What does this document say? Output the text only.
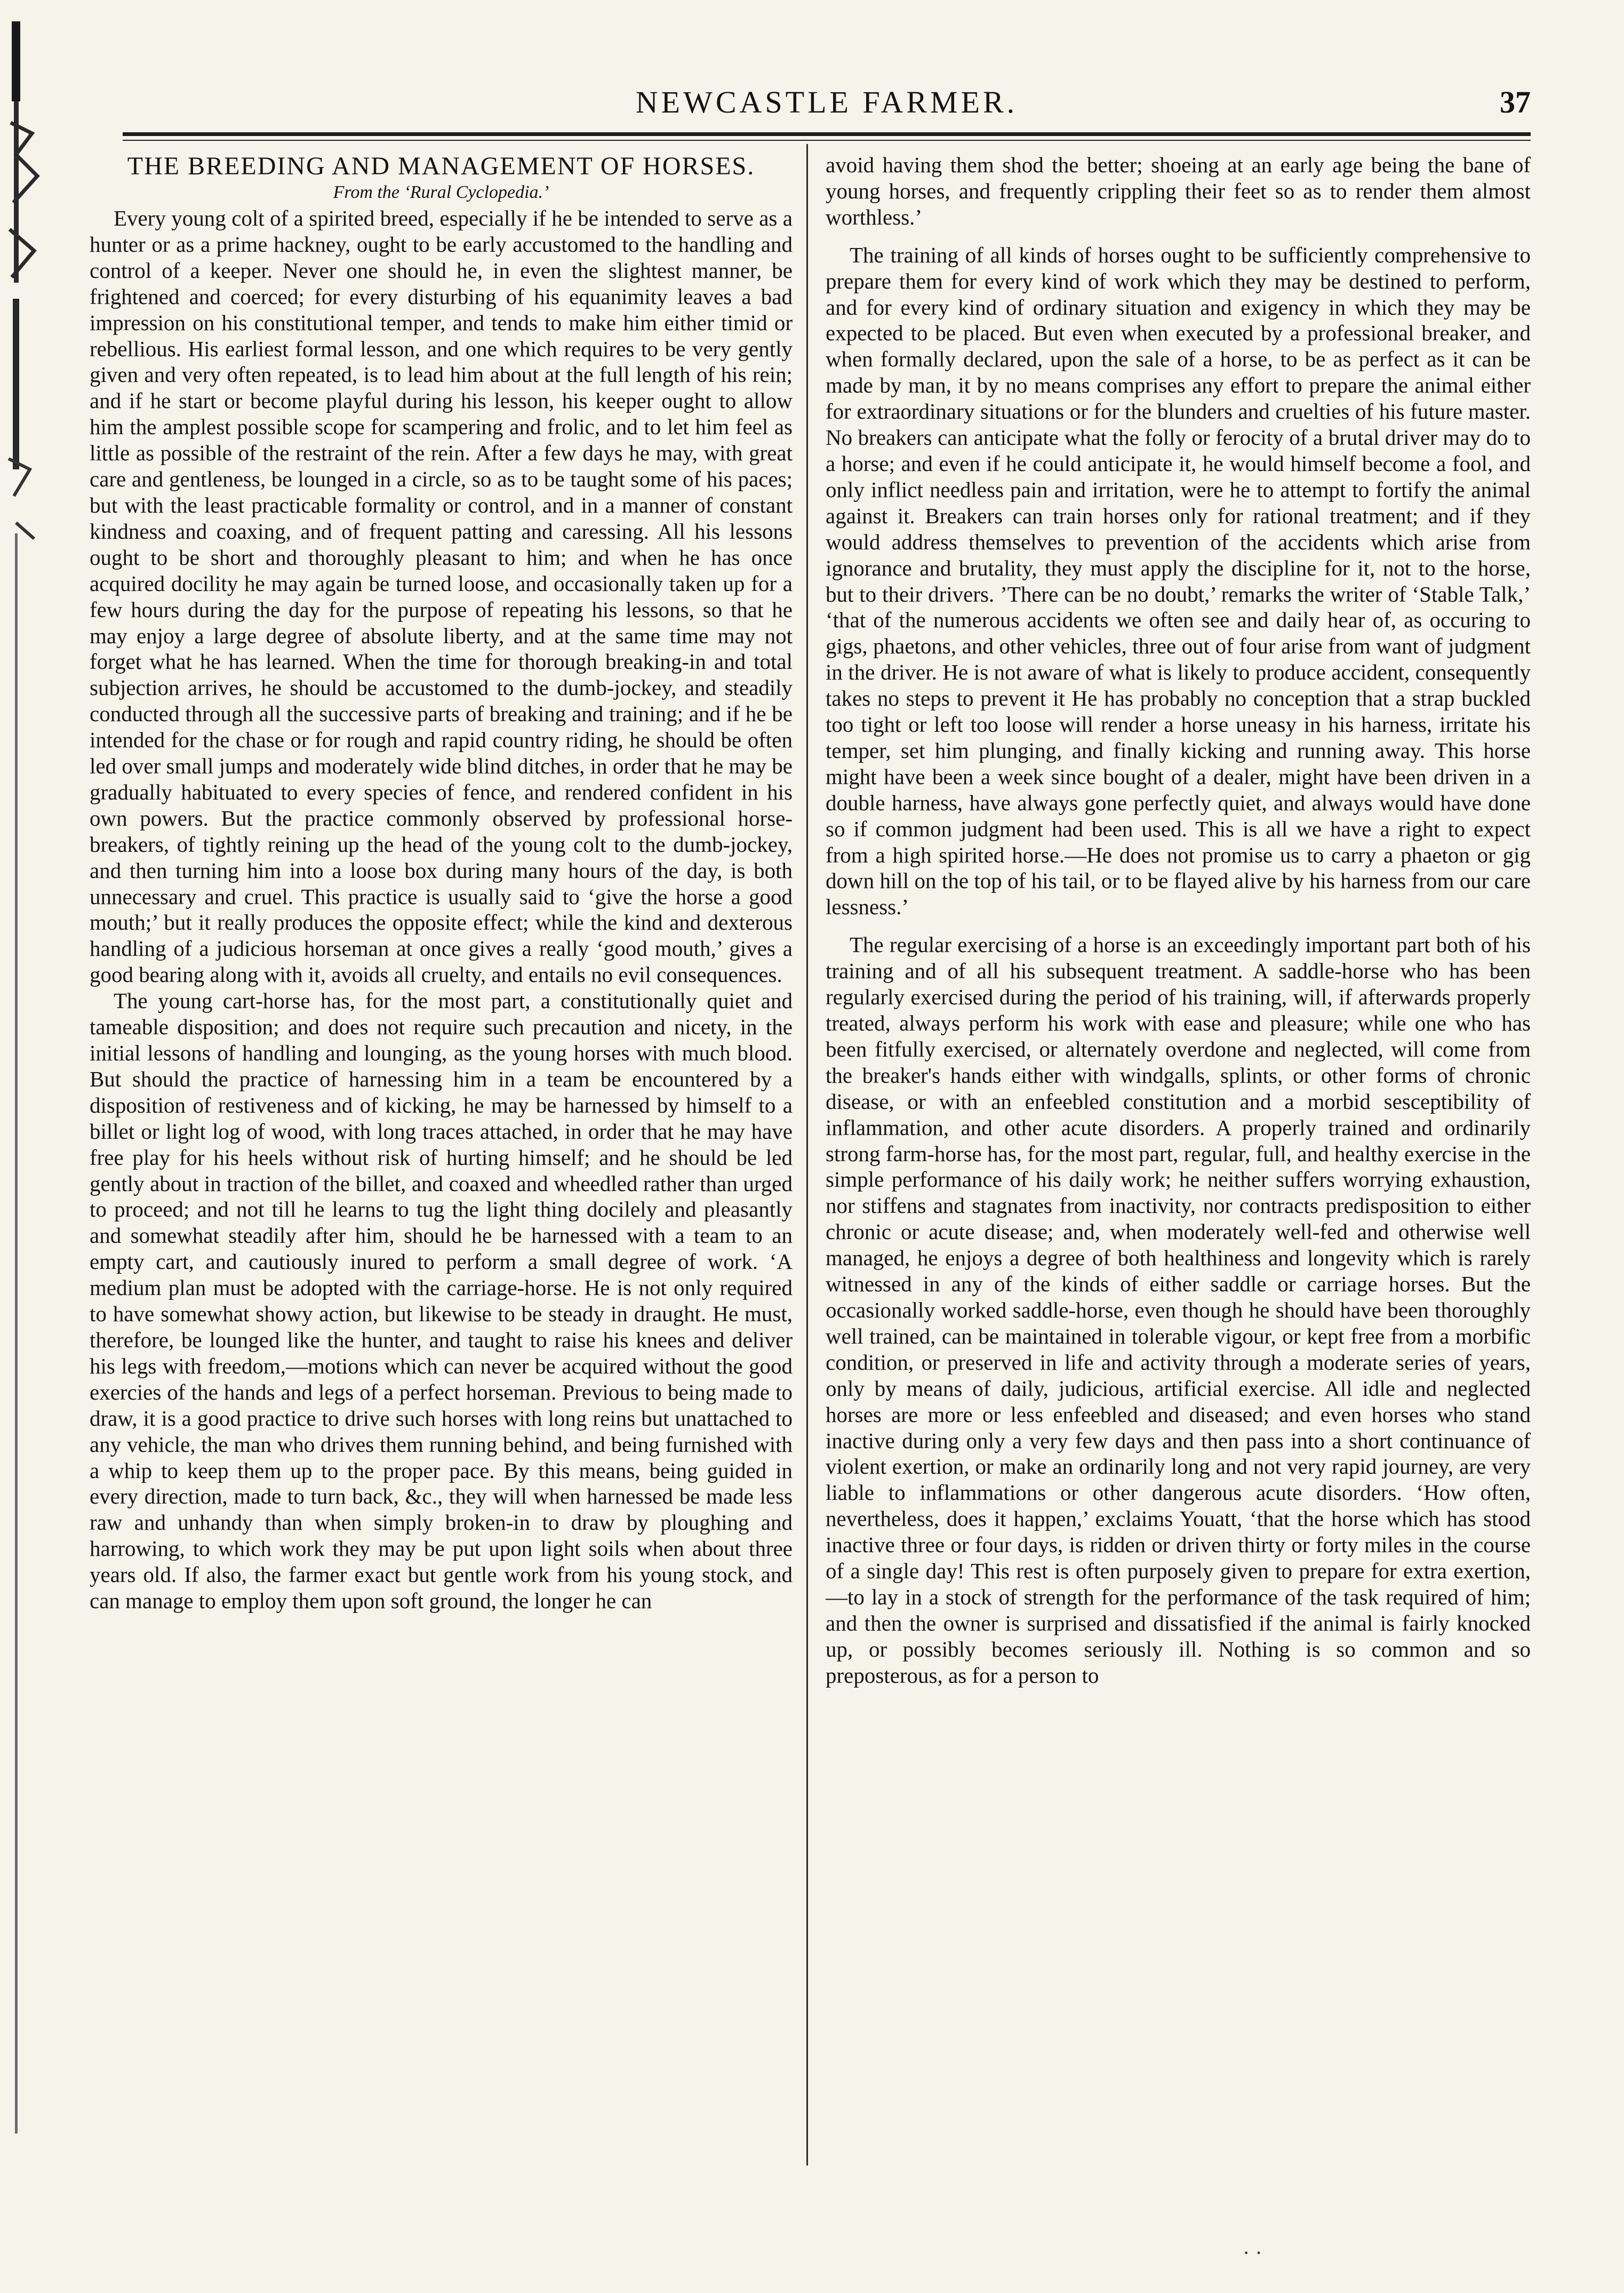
NEWCASTLE FARMER.	37
THE BREEDING AND MANAGEMENT OF HORSES.
From the ‘Rural Cyclopedia.’

Every young colt of a spirited breed, especially if he be intended to serve as a hunter or as a prime hackney, ought to be early accustomed to the handling and control of a keeper. Never one should he, in even the slightest manner, be frightened and coerced; for every disturbing of his equanimity leaves a bad impression on his constitutional temper, and tends to make him either timid or rebellious. His earliest formal lesson, and one which requires to be very gently given and very often repeated, is to lead him about at the full length of his rein; and if he start or become playful during his lesson, his keeper ought to allow him the amplest possible scope for scampering and frolic, and to let him feel as little as possible of the restraint of the rein. After a few days he may, with great care and gentleness, be lounged in a circle, so as to be taught some of his paces; but with the least practicable formality or control, and in a manner of constant kindness and coaxing, and of frequent patting and caressing. All his lessons ought to be short and thoroughly pleasant to him; and when he has once acquired docility he may again be turned loose, and occasionally taken up for a few hours during the day for the purpose of repeating his lessons, so that he may enjoy a large degree of absolute liberty, and at the same time may not forget what he has learned. When the time for thorough breaking-in and total subjection arrives, he should be accustomed to the dumb-jockey, and steadily conducted through all the successive parts of breaking and training; and if he be intended for the chase or for rough and rapid country riding, he should be often led over small jumps and moderately wide blind ditches, in order that he may be gradually habituated to every species of fence, and rendered confident in his own powers. But the practice commonly observed by professional horse-breakers, of tightly reining up the head of the young colt to the dumb-jockey, and then turning him into a loose box during many hours of the day, is both unnecessary and cruel. This practice is usually said to ‘give the horse a good mouth;’ but it really produces the opposite effect; while the kind and dexterous handling of a judicious horseman at once gives a really ‘good mouth,’ gives a good bearing along with it, avoids all cruelty, and entails no evil consequences.

The young cart-horse has, for the most part, a constitutionally quiet and tameable disposition; and does not require such precaution and nicety, in the initial lessons of handling and lounging, as the young horses with much blood. But should the practice of harnessing him in a team be encountered by a disposition of restiveness and of kicking, he may be harnessed by himself to a billet or light log of wood, with long traces attached, in order that he may have free play for his heels without risk of hurting himself; and he should be led gently about in traction of the billet, and coaxed and wheedled rather than urged to proceed; and not till he learns to tug the light thing docilely and pleasantly and somewhat steadily after him, should he be harnessed with a team to an empty cart, and cautiously inured to perform a small degree of work. ‘A medium plan must be adopted with the carriage-horse. He is not only required to have somewhat showy action, but likewise to be steady in draught. He must, therefore, be lounged like the hunter, and taught to raise his knees and deliver his legs with freedom,—motions which can never be acquired without the good exercies of the hands and legs of a perfect horseman. Previous to being made to draw, it is a good practice to drive such horses with long reins but unattached to any vehicle, the man who drives them running behind, and being furnished with a whip to keep them up to the proper pace. By this means, being guided in every direction, made to turn back, &c., they will when harnessed be made less raw and unhandy than when simply broken-in to draw by ploughing and harrowing, to which work they may be put upon light soils when about three years old. If also, the farmer exact but gentle work from his young stock, and can manage to employ them upon soft ground, the longer he can

avoid having them shod the better; shoeing at an early age being the bane of young horses, and frequently crippling their feet so as to render them almost worthless.’

The training of all kinds of horses ought to be sufficiently comprehensive to prepare them for every kind of work which they may be destined to perform, and for every kind of ordinary situation and exigency in which they may be expected to be placed. But even when executed by a professional breaker, and when formally declared, upon the sale of a horse, to be as perfect as it can be made by man, it by no means comprises any effort to prepare the animal either for extraordinary situations or for the blunders and cruelties of his future master. No breakers can anticipate what the folly or ferocity of a brutal driver may do to a horse; and even if he could anticipate it, he would himself become a fool, and only inflict needless pain and irritation, were he to attempt to fortify the animal against it. Breakers can train horses only for rational treatment; and if they would address themselves to prevention of the accidents which arise from ignorance and brutality, they must apply the discipline for it, not to the horse, but to their drivers. ’There can be no doubt,’ remarks the writer of ‘Stable Talk,’ ‘that of the numerous accidents we often see and daily hear of, as occuring to gigs, phaetons, and other vehicles, three out of four arise from want of judgment in the driver. He is not aware of what is likely to produce accident, consequently takes no steps to prevent it He has probably no conception that a strap buckled too tight or left too loose will render a horse uneasy in his harness, irritate his temper, set him plunging, and finally kicking and running away. This horse might have been a week since bought of a dealer, might have been driven in a double harness, have always gone perfectly quiet, and always would have done so if common judgment had been used. This is all we have a right to expect from a high spirited horse.—He does not promise us to carry a phaeton or gig down hill on the top of his tail, or to be flayed alive by his harness from our care lessness.’

The regular exercising of a horse is an exceedingly important part both of his training and of all his subsequent treatment. A saddle-horse who has been regularly exercised during the period of his training, will, if afterwards properly treated, always perform his work with ease and pleasure; while one who has been fitfully exercised, or alternately overdone and neglected, will come from the breaker's hands either with windgalls, splints, or other forms of chronic disease, or with an enfeebled constitution and a morbid sesceptibility of inflammation, and other acute disorders. A properly trained and ordinarily strong farm-horse has, for the most part, regular, full, and healthy exercise in the simple performance of his daily work; he neither suffers worrying exhaustion, nor stiffens and stagnates from inactivity, nor contracts predisposition to either chronic or acute disease; and, when moderately well-fed and otherwise well managed, he enjoys a degree of both healthiness and longevity which is rarely witnessed in any of the kinds of either saddle or carriage horses. But the occasionally worked saddle-horse, even though he should have been thoroughly well trained, can be maintained in tolerable vigour, or kept free from a morbific condition, or preserved in life and activity through a moderate series of years, only by means of daily, judicious, artificial exercise. All idle and neglected horses are more or less enfeebled and diseased; and even horses who stand inactive during only a very few days and then pass into a short continuance of violent exertion, or make an ordinarily long and not very rapid journey, are very liable to inflammations or other dangerous acute disorders. ‘How often, nevertheless, does it happen,’ exclaims Youatt, ‘that the horse which has stood inactive three or four days, is ridden or driven thirty or forty miles in the course of a single day! This rest is often purposely given to prepare for extra exertion,—to lay in a stock of strength for the performance of the task required of him; and then the owner is surprised and dissatisfied if the animal is fairly knocked up, or possibly becomes seriously ill. Nothing is so common and so preposterous, as for a person to

· ·
